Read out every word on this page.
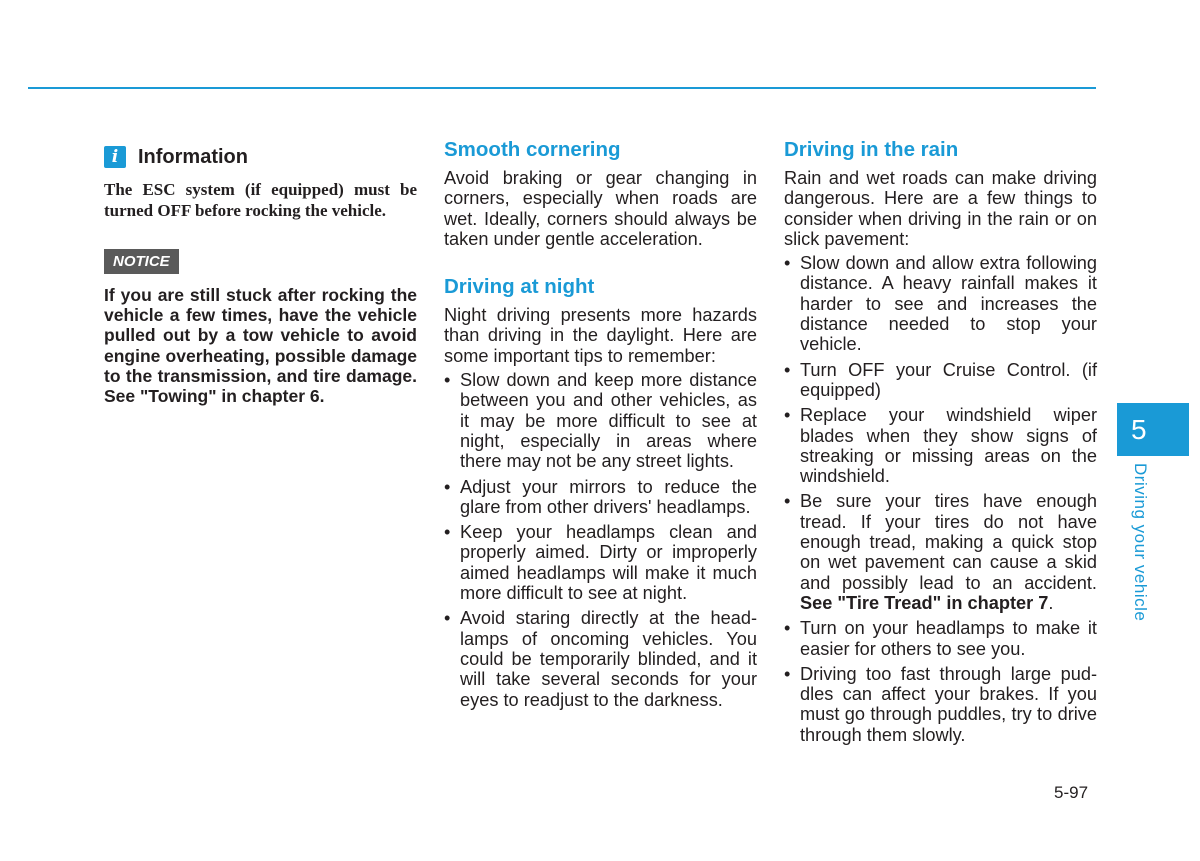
i Information

The ESC system (if equipped) must be turned OFF before rocking the vehicle.

NOTICE

If you are still stuck after rocking the vehicle a few times, have the vehicle pulled out by a tow vehicle to avoid engine overheating, possible damage to the transmission, and tire damage. See "Towing" in chapter 6.

Smooth cornering

Avoid braking or gear changing in corners, especially when roads are wet. Ideally, corners should always be taken under gentle acceleration.

Driving at night

Night driving presents more hazards than driving in the daylight. Here are some important tips to remember:

• Slow down and keep more distance between you and other vehicles, as it may be more difficult to see at night, especially in areas where there may not be any street lights.
• Adjust your mirrors to reduce the glare from other drivers' headlamps.
• Keep your headlamps clean and properly aimed. Dirty or improperly aimed headlamps will make it much more difficult to see at night.
• Avoid staring directly at the headlamps of oncoming vehicles. You could be temporarily blinded, and it will take several seconds for your eyes to readjust to the darkness.
Driving in the rain

Rain and wet roads can make driving dangerous. Here are a few things to consider when driving in the rain or on slick pavement:

• Slow down and allow extra following distance. A heavy rainfall makes it harder to see and increases the distance needed to stop your vehicle.
• Turn OFF your Cruise Control. (if equipped)
• Replace your windshield wiper blades when they show signs of streaking or missing areas on the windshield.
• Be sure your tires have enough tread. If your tires do not have enough tread, making a quick stop on wet pavement can cause a skid and possibly lead to an accident. See "Tire Tread" in chapter 7.
• Turn on your headlamps to make it easier for others to see you.
• Driving too fast through large puddles can affect your brakes. If you must go through puddles, try to drive through them slowly.
5
Driving your vehicle
5-97
